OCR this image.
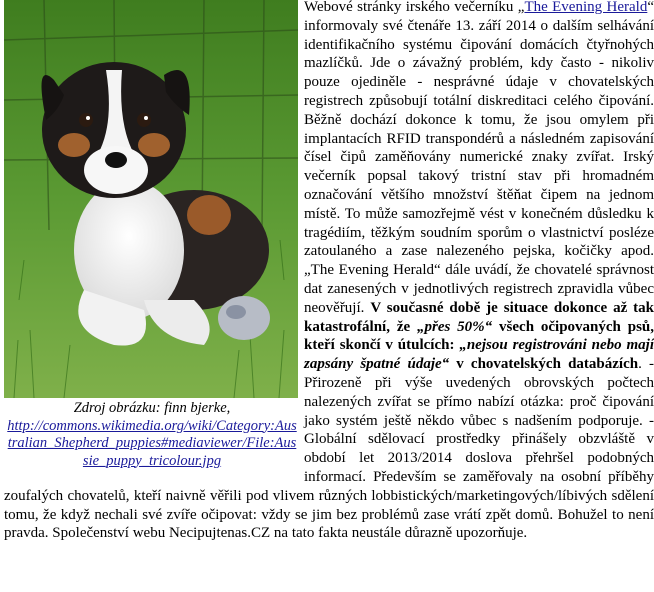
Webové stránky irského večerníku „The Evening Herald“ informovaly své čtenáře 13. září 2014 o dalším selhávání identifikačního systému čipování domácích čtyřnohých mazlíčků. Jde o závažný problém, kdy často - nikoliv pouze ojediněle - nesprávné údaje v chovatelských registrech způsobují totální diskreditaci celého čipování. Běžně dochází dokonce k tomu, že jsou omylem při implantacích RFID transpondérů a následném zapisování čísel čipů zaměňovány numerické znaky zvířat. Irský večerník popsal takový tristní stav při hromadném označování většího množství štěňat čipem na jednom místě. To může samozřejmě vést v konečném důsledku k tragédiím, těžkým soudním sporům o vlastnictví posléze zatoulaného a zase nalezeného pejska, kočičky apod. „The Evening Herald“ dále uvádí, že chovatelé správnost dat zanesených v jednotlivých registrech zpravidla vůbec neověřují. V současné době je situace dokonce až tak katastrofální, že „přes 50%“ všech očipovaných psů, kteří skončí v útulcích: „nejsou registrováni nebo mají zapsány špatné údaje“ v chovatelských databázích. - Přirozeně při výše uvedených obrovských počtech nalezených zvířat se přímo nabízí otázka: proč čipování jako systém ještě někdo vůbec s nadšením podporuje. - Globální sdělovací prostředky přinášely obzvláště v období let 2013/2014 doslova přehršel podobných informací. Především se zaměřovaly na osobní příběhy zoufalých chovatelů, kteří naivně věřili pod vlivem různých lobbistických/marketingových/líbivých sdělení tomu, že když nechali své zvíře očipovat: vždy se jim bez problémů zase vrátí zpět domů. Bohužel to není pravda. Společenství webu Necipujtenas.CZ na tato fakta neustále důrazně upozorňuje.
Zdroj obrázku: finn bjerke,
http://commons.wikimedia.org/wiki/Category:Australian_Shepherd_puppies#mediaviewer/File:Aussie_puppy_tricolour.jpg
